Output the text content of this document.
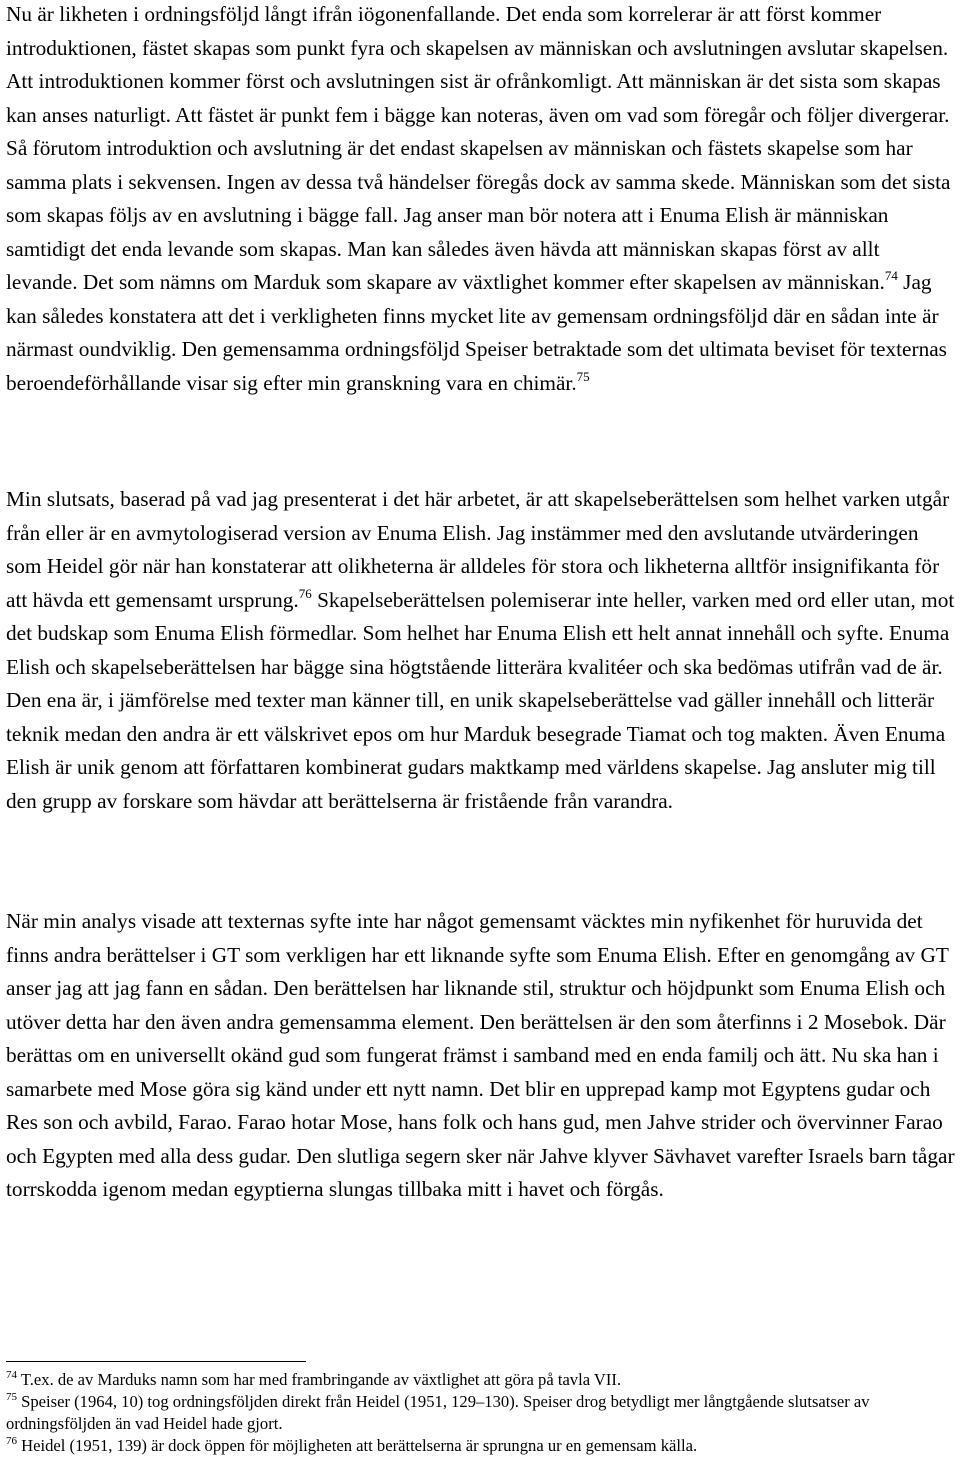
Nu är likheten i ordningsföljd långt ifrån iögonenfallande. Det enda som korrelerar är att först kommer introduktionen, fästet skapas som punkt fyra och skapelsen av människan och avslutningen avslutar skapelsen. Att introduktionen kommer först och avslutningen sist är ofrånkomligt. Att människan är det sista som skapas kan anses naturligt. Att fästet är punkt fem i bägge kan noteras, även om vad som föregår och följer divergerar. Så förutom introduktion och avslutning är det endast skapelsen av människan och fästets skapelse som har samma plats i sekvensen. Ingen av dessa två händelser föregås dock av samma skede. Människan som det sista som skapas följs av en avslutning i bägge fall. Jag anser man bör notera att i Enuma Elish är människan samtidigt det enda levande som skapas. Man kan således även hävda att människan skapas först av allt levande. Det som nämns om Marduk som skapare av växtlighet kommer efter skapelsen av människan.$^{74}$ Jag kan således konstatera att det i verkligheten finns mycket lite av gemensam ordningsföljd där en sådan inte är närmast oundviklig. Den gemensamma ordningsföljd Speiser betraktade som det ultimata beviset för texternas beroendeförhållande visar sig efter min granskning vara en chimär.$^{75}$

Min slutsats, baserad på vad jag presenterat i det här arbetet, är att skapelseberättelsen som helhet varken utgår från eller är en avmytologiserad version av Enuma Elish. Jag instämmer med den avslutande utvärderingen som Heidel gör när han konstaterar att olikheterna är alldeles för stora och likheterna alltför insignifikanta för att hävda ett gemensamt ursprung.$^{76}$ Skapelseberättelsen polemiserar inte heller, varken med ord eller utan, mot det budskap som Enuma Elish förmedlar. Som helhet har Enuma Elish ett helt annat innehåll och syfte. Enuma Elish och skapelseberättelsen har bägge sina högtstående litterära kvalitéer och ska bedömas utifrån vad de är. Den ena är, i jämförelse med texter man känner till, en unik skapelseberättelse vad gäller innehåll och litterär teknik medan den andra är ett välskrivet epos om hur Marduk besegrade Tiamat och tog makten. Även Enuma Elish är unik genom att författaren kombinerat gudars maktkamp med världens skapelse. Jag ansluter mig till den grupp av forskare som hävdar att berättelserna är fristående från varandra.

När min analys visade att texternas syfte inte har något gemensamt väcktes min nyfikenhet för huruvida det finns andra berättelser i GT som verkligen har ett liknande syfte som Enuma Elish. Efter en genomgång av GT anser jag att jag fann en sådan. Den berättelsen har liknande stil, struktur och höjdpunkt som Enuma Elish och utöver detta har den även andra gemensamma element. Den berättelsen är den som återfinns i 2 Mosebok. Där berättas om en universellt okänd gud som fungerat främst i samband med en enda familj och ätt. Nu ska han i samarbete med Mose göra sig känd under ett nytt namn. Det blir en upprepad kamp mot Egyptens gudar och Res son och avbild, Farao. Farao hotar Mose, hans folk och hans gud, men Jahve strider och övervinner Farao och Egypten med alla dess gudar. Den slutliga segern sker när Jahve klyver Sävhavet varefter Israels barn tågar torrskodda igenom medan egyptierna slungas tillbaka mitt i havet och förgås.

$^{74}$ T.ex. de av Marduks namn som har med frambringande av växtlighet att göra på tavla VII.

$^{75}$ Speiser (1964, 10) tog ordningsföljden direkt från Heidel (1951, 129–130). Speiser drog betydligt mer långtgående slutsatser av ordningsföljden än vad Heidel hade gjort.

$^{76}$ Heidel (1951, 139) är dock öppen för möjligheten att berättelserna är sprungna ur en gemensam källa.
